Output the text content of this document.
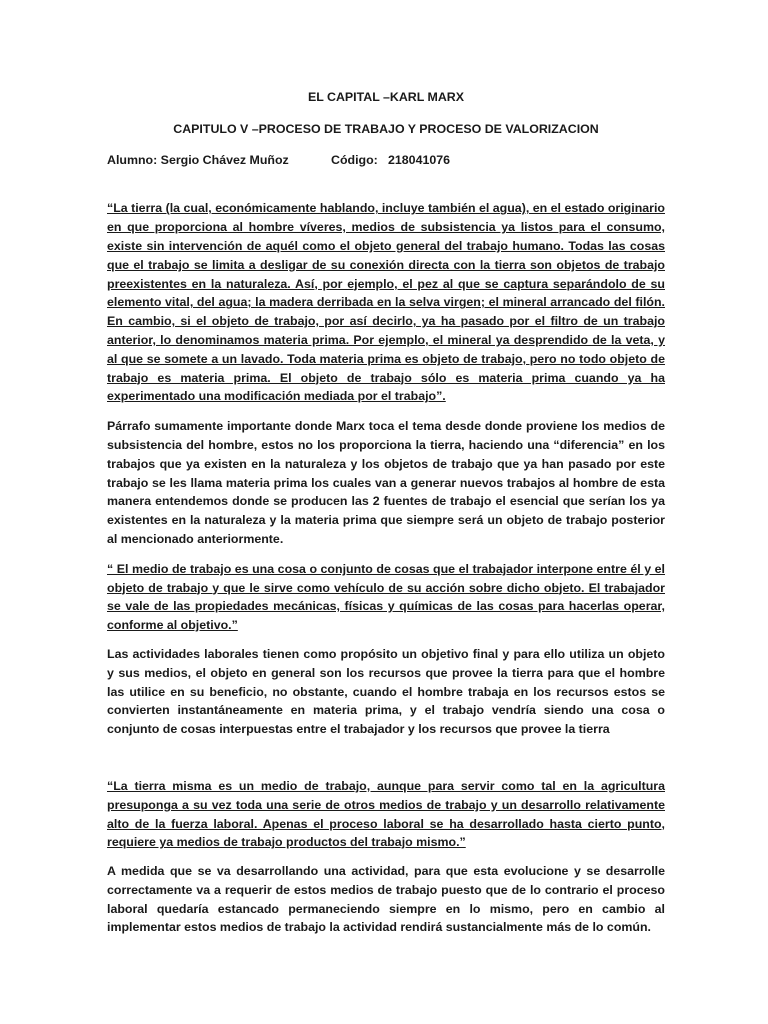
EL CAPITAL –KARL MARX

CAPITULO V –PROCESO DE TRABAJO Y PROCESO DE VALORIZACION

Alumno: Sergio Chávez Muñoz	Código: 218041076

“La tierra (la cual, económicamente hablando, incluye también el agua), en el estado originario en que proporciona al hombre víveres, medios de subsistencia ya listos para el consumo, existe sin intervención de aquél como el objeto general del trabajo humano. Todas las cosas que el trabajo se limita a desligar de su conexión directa con la tierra son objetos de trabajo preexistentes en la naturaleza. Así, por ejemplo, el pez al que se captura separándolo de su elemento vital, del agua; la madera derribada en la selva virgen; el mineral arrancado del filón. En cambio, si el objeto de trabajo, por así decirlo, ya ha pasado por el filtro de un trabajo anterior, lo denominamos materia prima. Por ejemplo, el mineral ya desprendido de la veta, y al que se somete a un lavado. Toda materia prima es objeto de trabajo, pero no todo objeto de trabajo es materia prima. El objeto de trabajo sólo es materia prima cuando ya ha experimentado una modificación mediada por el trabajo”.

Párrafo sumamente importante donde Marx toca el tema desde donde proviene los medios de subsistencia del hombre, estos no los proporciona la tierra, haciendo una “diferencia” en los trabajos que ya existen en la naturaleza y los objetos de trabajo que ya han pasado por este trabajo se les llama materia prima los cuales van a generar nuevos trabajos al hombre de esta manera entendemos donde se producen las 2 fuentes de trabajo el esencial que serían los ya existentes en la naturaleza y la materia prima que siempre será un objeto de trabajo posterior al mencionado anteriormente.

“ El medio de trabajo es una cosa o conjunto de cosas que el trabajador interpone entre él y el objeto de trabajo y que le sirve como vehículo de su acción sobre dicho objeto. El trabajador se vale de las propiedades mecánicas, físicas y químicas de las cosas para hacerlas operar, conforme al objetivo.”

Las actividades laborales tienen como propósito un objetivo final y para ello utiliza un objeto y sus medios, el objeto en general son los recursos que provee la tierra para que el hombre las utilice en su beneficio, no obstante, cuando el hombre trabaja en los recursos estos se convierten instantáneamente en materia prima, y el trabajo vendría siendo una cosa o conjunto de cosas interpuestas entre el trabajador y los recursos que provee la tierra

“La tierra misma es un medio de trabajo, aunque para servir como tal en la agricultura presuponga a su vez toda una serie de otros medios de trabajo y un desarrollo relativamente alto de la fuerza laboral. Apenas el proceso laboral se ha desarrollado hasta cierto punto, requiere ya medios de trabajo productos del trabajo mismo.”

A medida que se va desarrollando una actividad, para que esta evolucione y se desarrolle correctamente va a requerir de estos medios de trabajo puesto que de lo contrario el proceso laboral quedaría estancado permaneciendo siempre en lo mismo, pero en cambio al implementar estos medios de trabajo la actividad rendirá sustancialmente más de lo común.
